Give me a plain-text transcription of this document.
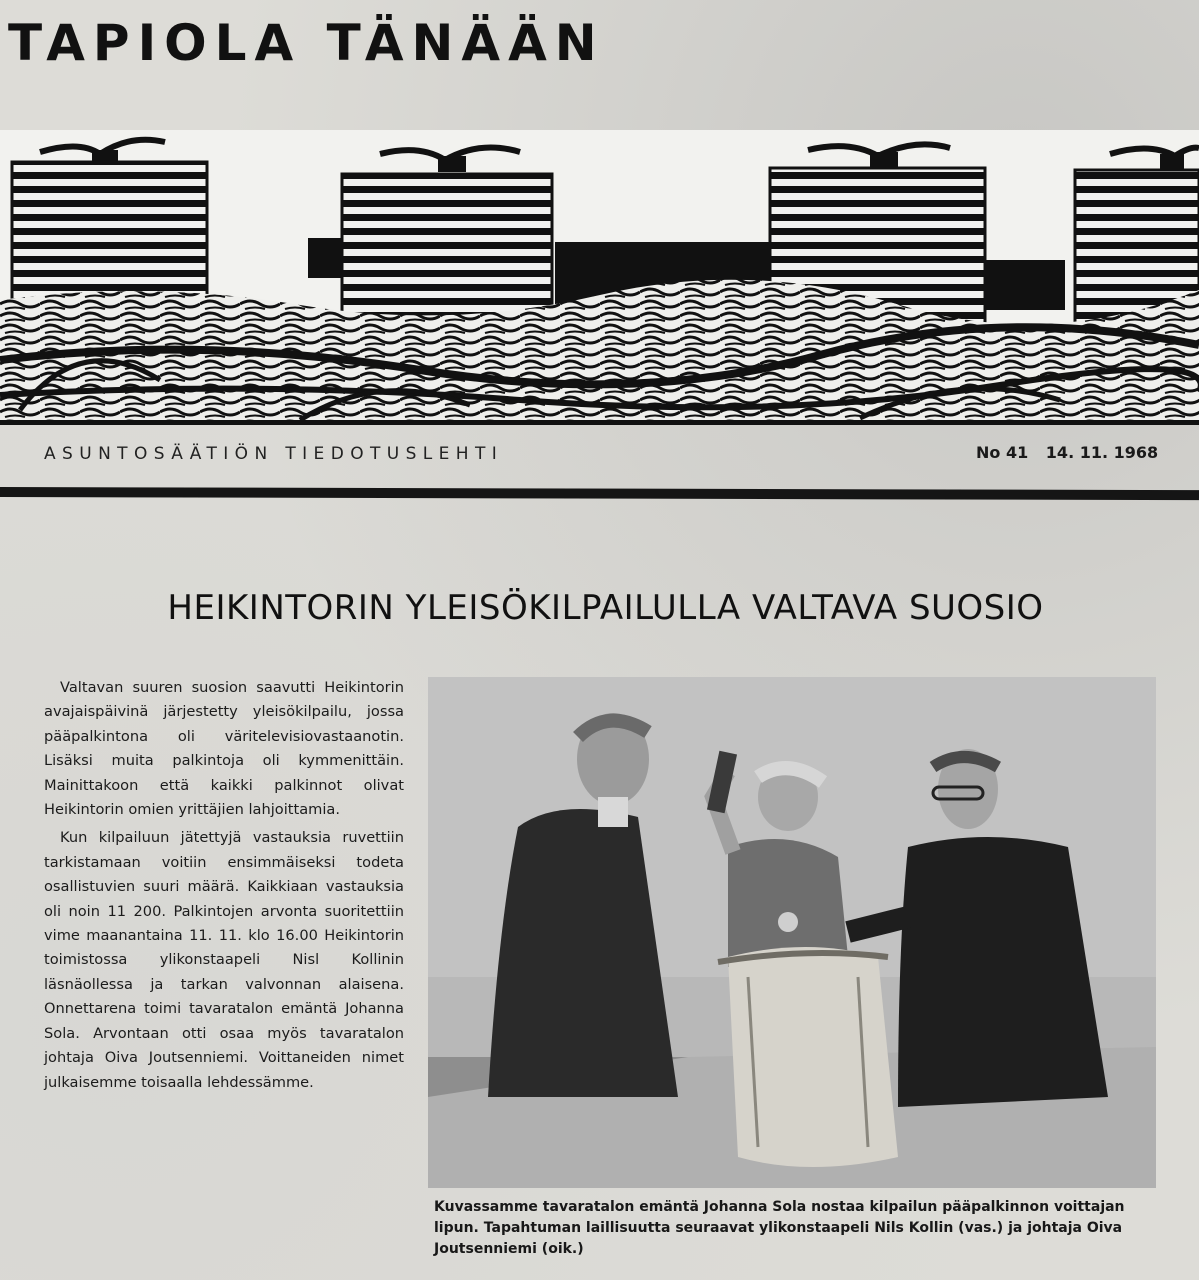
TAPIOLA TÄNÄÄN
ASUNTOSÄÄTIÖN TIEDOTUSLEHTI	No 41 14. 11. 1968
HEIKINTORIN YLEISÖKILPAILULLA VALTAVA SUOSIO

Valtavan suuren suosion saavutti Heikintorin avajaispäivinä järjestetty yleisökilpailu, jossa pääpalkintona oli väritelevisiovastaanotin. Lisäksi muita palkintoja oli kymmenittäin. Mainittakoon että kaikki palkinnot olivat Heikintorin omien yrittäjien lahjoittamia.

Kun kilpailuun jätettyjä vastauksia ruvettiin tarkistamaan voitiin ensimmäiseksi todeta osallistuvien suuri määrä. Kaikkiaan vastauksia oli noin 11 200. Palkintojen arvonta suoritettiin vime maanantaina 11. 11. klo 16.00 Heikintorin toimistossa ylikonstaapeli Nisl Kollinin läsnäollessa ja tarkan valvonnan alaisena. Onnettarena toimi tavaratalon emäntä Johanna Sola. Arvontaan otti osaa myös tavaratalon johtaja Oiva Joutsenniemi. Voittaneiden nimet julkaisemme toisaalla lehdessämme.

Kuvassamme tavaratalon emäntä Johanna Sola nostaa kilpailun pääpalkinnon voittajan lipun. Tapahtuman laillisuutta seuraavat ylikonstaapeli Nils Kollin (vas.) ja johtaja Oiva Joutsenniemi (oik.)
